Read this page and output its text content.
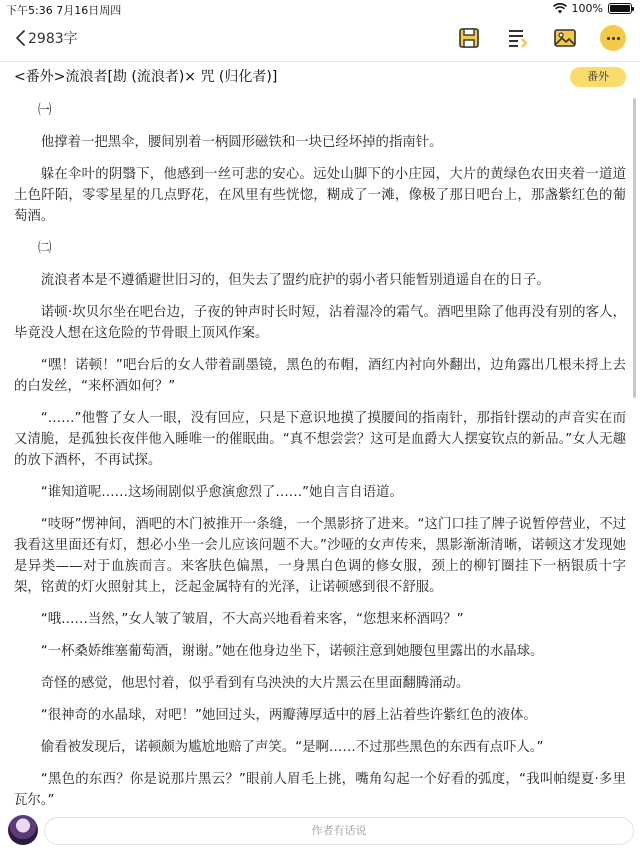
下午5:36 7月16日周四	100%
2983字
<番外>流浪者[勘 (流浪者)× 咒 (归化者)]	番外

㈠

他撑着一把黑伞，腰间别着一柄圆形磁铁和一块已经坏掉的指南针。

躲在伞叶的阴翳下，他感到一丝可悲的安心。远处山脚下的小庄园，大片的黄绿色农田夹着一道道土色阡陌，零零星星的几点野花，在风里有些恍惚，糊成了一滩，像极了那日吧台上，那盏紫红色的葡萄酒。

㈡

流浪者本是不遵循避世旧习的，但失去了盟约庇护的弱小者只能暂别逍遥自在的日子。

诺顿·坎贝尔坐在吧台边，子夜的钟声时长时短，沾着湿冷的霜气。酒吧里除了他再没有别的客人，毕竟没人想在这危险的节骨眼上顶风作案。

“嘿！诺顿！”吧台后的女人带着副墨镜，黑色的布帽，酒红内衬向外翻出，边角露出几根未捋上去的白发丝，“来杯酒如何？”

“……”他瞥了女人一眼，没有回应，只是下意识地摸了摸腰间的指南针，那指针摆动的声音实在而又清脆，是孤独长夜伴他入睡唯一的催眠曲。“真不想尝尝？这可是血爵大人摆宴钦点的新品。”女人无趣的放下酒杯，不再试探。

“谁知道呢……这场闹剧似乎愈演愈烈了……”她自言自语道。

“吱呀”愣神间，酒吧的木门被推开一条缝，一个黑影挤了进来。“这门口挂了牌子说暂停营业，不过我看这里面还有灯，想必小坐一会儿应该问题不大。”沙哑的女声传来，黑影渐渐清晰，诺顿这才发现她是异类——对于血族而言。来客肤色偏黑，一身黑白色调的修女服，颈上的柳钉圈挂下一柄银质十字架，铭黄的灯火照射其上，泛起金属特有的光泽，让诺顿感到很不舒服。

“哦……当然，”女人皱了皱眉，不大高兴地看着来客，“您想来杯酒吗？”

“一杯桑娇维塞葡萄酒，谢谢。”她在他身边坐下，诺顿注意到她腰包里露出的水晶球。

奇怪的感觉，他思忖着，似乎看到有乌泱泱的大片黑云在里面翻腾涌动。

“很神奇的水晶球，对吧！”她回过头，两瓣薄厚适中的唇上沾着些许紫红色的液体。

偷看被发现后，诺顿颇为尴尬地赔了声笑。“是啊……不过那些黑色的东西有点吓人。”

“黑色的东西？你是说那片黑云？”眼前人眉毛上挑，嘴角勾起一个好看的弧度，“我叫帕缇夏·多里瓦尔。”

作者有话说
